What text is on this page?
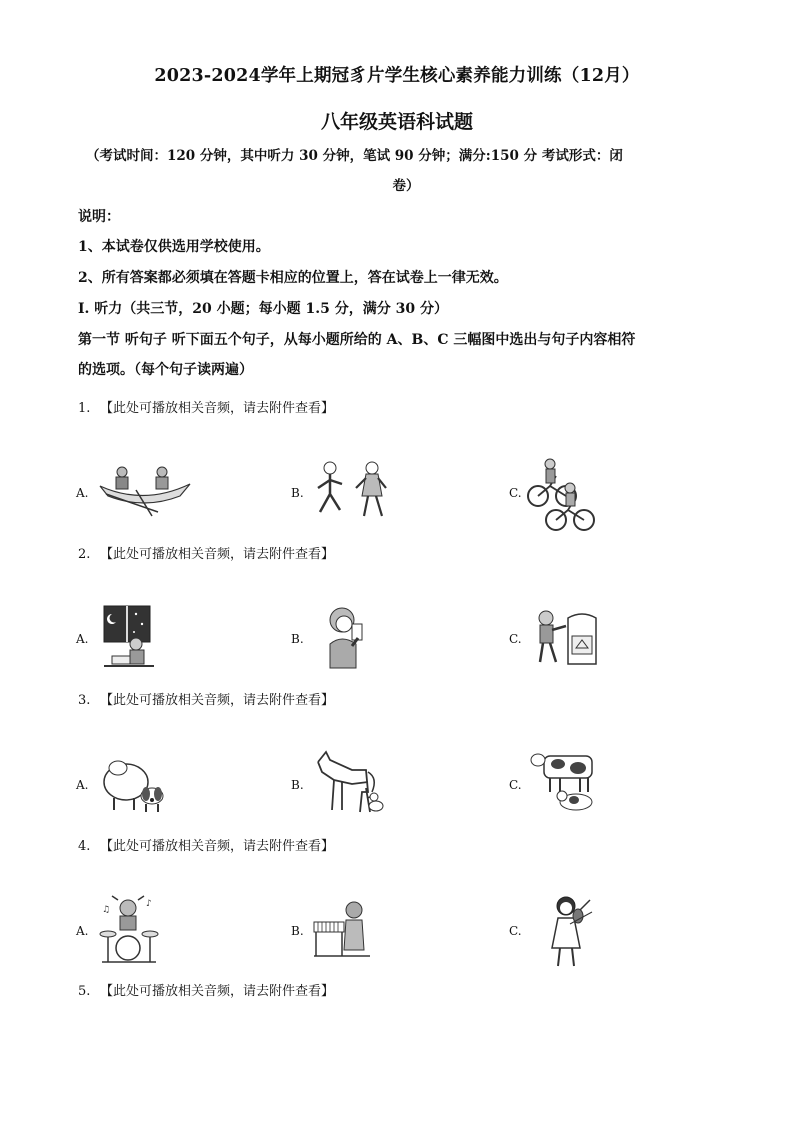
2023-2024学年上期冠豸片学生核心素养能力训练（12月）
八年级英语科试题
（考试时间：120 分钟，其中听力 30 分钟，笔试 90 分钟；满分:150 分 考试形式：闭
卷）
说明：
1、本试卷仅供选用学校使用。
2、所有答案都必须填在答题卡相应的位置上，答在试卷上一律无效。
I. 听力（共三节，20 小题；每小题 1.5 分，满分 30 分）
第一节 听句子 听下面五个句子，从每小题所给的 A、B、C 三幅图中选出与句子内容相符
的选项。（每个句子读两遍）
1. 【此处可播放相关音频，请去附件查看】
A.	B.	C.
2. 【此处可播放相关音频，请去附件查看】
A.	B.	C.
3. 【此处可播放相关音频，请去附件查看】
A.	B.	C.
4. 【此处可播放相关音频，请去附件查看】
A.
♪
♫
B.	C.
5. 【此处可播放相关音频，请去附件查看】
